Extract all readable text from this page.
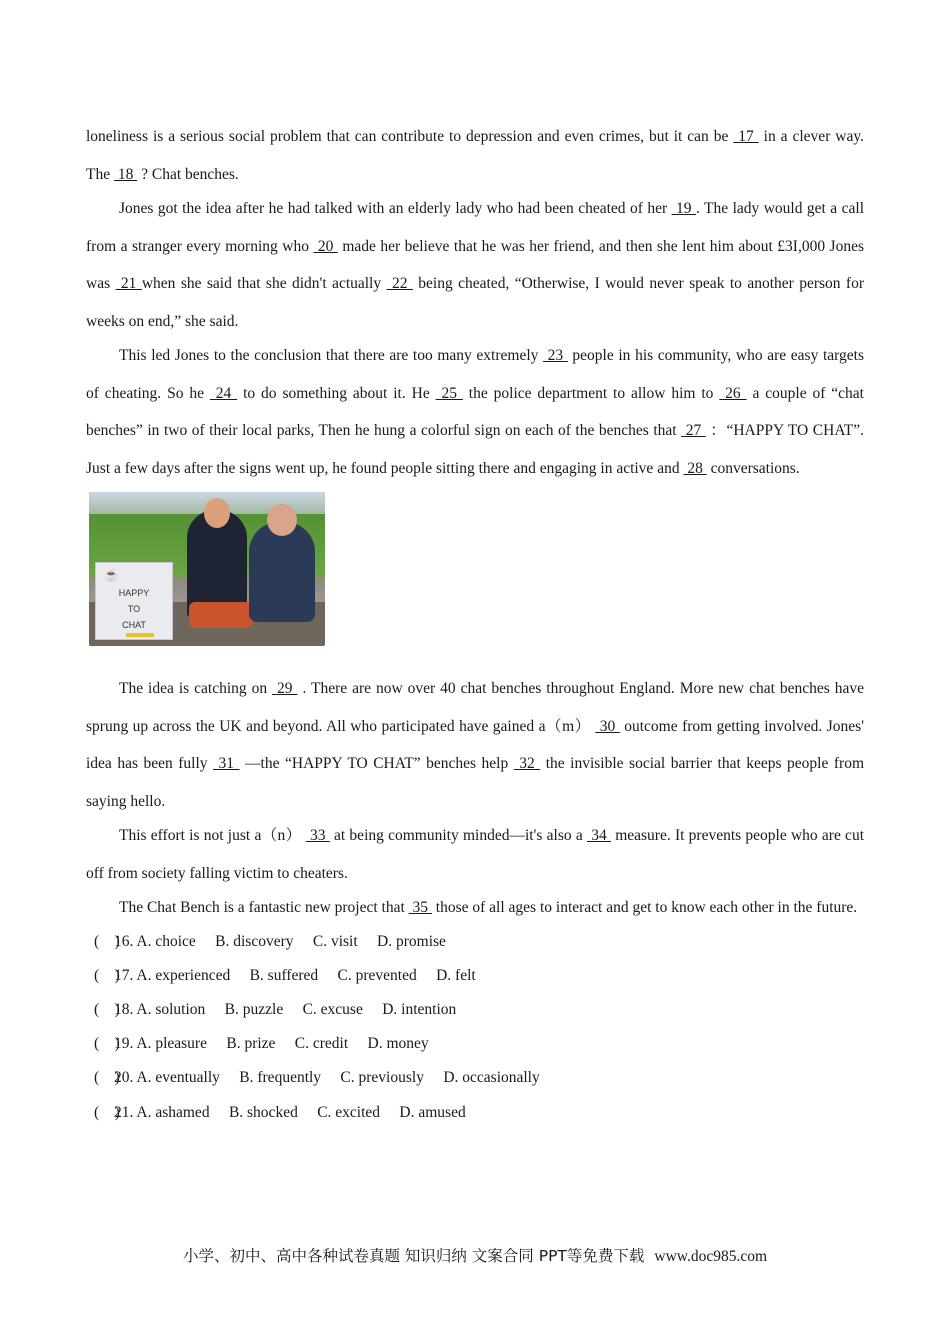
loneliness is a serious social problem that can contribute to depression and even crimes, but it can be  17  in a clever way. The  18  ? Chat benches.

Jones got the idea after he had talked with an elderly lady who had been cheated of her  19 . The lady would get a call from a stranger every morning who  20  made her believe that he was her friend, and then she lent him about £3I,000 Jones was  21 when she said that she didn't actually  22  being cheated, “Otherwise, I would never speak to another person for weeks on end,” she said.

This led Jones to the conclusion that there are too many extremely  23  people in his community, who are easy targets of cheating. So he  24  to do something about it. He  25  the police department to allow him to  26  a couple of “chat benches” in two of their local parks, Then he hung a colorful sign on each of the benches that  27  ：“HAPPY TO CHAT”. Just a few days after the signs went up, he found people sitting there and engaging in active and  28  conversations.

☕
HAPPY
TO
CHAT

The idea is catching on  29  . There are now over 40 chat benches throughout England. More new chat benches have sprung up across the UK and beyond. All who participated have gained a（m）  30  outcome from getting involved. Jones' idea has been fully  31  —the “HAPPY TO CHAT” benches help  32  the invisible social barrier that keeps people from saying hello.

This effort is not just a（n）  33  at being community minded—it's also a  34  measure. It prevents people who are cut off from society falling victim to cheaters.

The Chat Bench is a fantastic new project that  35  those of all ages to interact and get to know each other in the future.

(    )16. A. choice     B. discovery     C. visit     D. promise
(    )17. A. experienced     B. suffered     C. prevented     D. felt
(    )18. A. solution     B. puzzle     C. excuse     D. intention
(    )19. A. pleasure     B. prize     C. credit     D. money
(    )20. A. eventually     B. frequently     C. previously     D. occasionally
(    )21. A. ashamed     B. shocked     C. excited     D. amused
小学、初中、高中各种试卷真题 知识归纳 文案合同 PPT等免费下载 www.doc985.com
